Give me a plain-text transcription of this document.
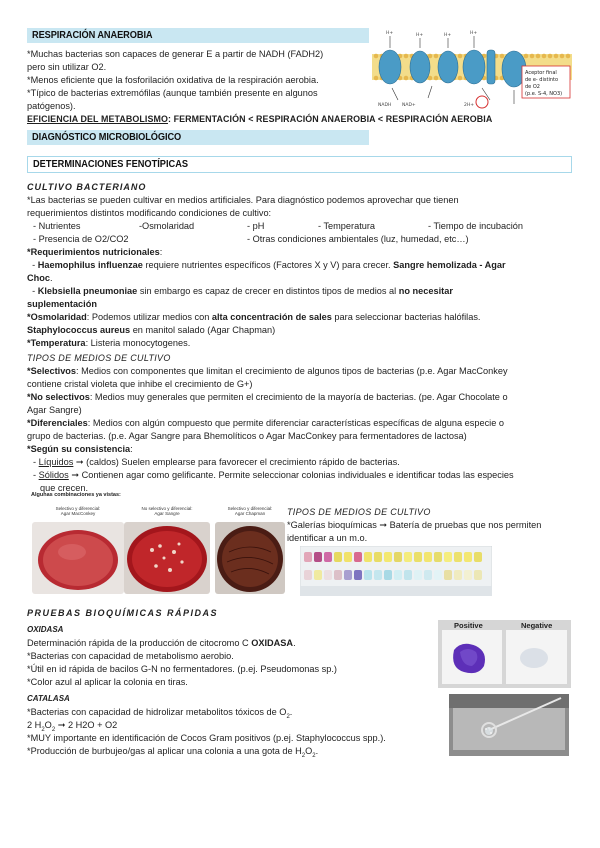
RESPIRACIÓN ANAEROBIA
*Muchas bacterias son capaces de generar E a partir de NADH (FADH2)
pero sin utilizar O2.
*Menos eficiente que la fosforilación oxidativa de la respiración aerobia.
*Típico de bacterias extremófilas (aunque también presente en algunos
patógenos).
EFICIENCIA DEL METABOLISMO: FERMENTACIÓN < RESPIRACIÓN ANAEROBIA < RESPIRACIÓN AEROBIA
H+	H+	H+	H+
NADH NAD+	2H+
Aceptor final
de e- distinto
de O2
(p.e. S-4, NO3)
DIAGNÓSTICO MICROBIOLÓGICO
DETERMINACIONES FENOTÍPICAS
CULTIVO BACTERIANO
*Las bacterias se pueden cultivar en medios artificiales. Para diagnóstico podemos aprovechar que tienen
requerimientos distintos modificando condiciones de cultivo:
- Nutrientes	-Osmolaridad	- pH	- Temperatura	- Tiempo de incubación
- Presencia de O2/CO2	- Otras condiciones ambientales (luz, humedad, etc…)
*Requerimientos nutricionales:
- Haemophilus influenzae requiere nutrientes específicos (Factores X y V) para crecer. Sangre hemolizada - Agar
Choc.
- Klebsiella pneumoniae sin embargo es capaz de crecer en distintos tipos de medios al no necesitar
suplementación
*Osmolaridad: Podemos utilizar medios con alta concentración de sales para seleccionar bacterias halófilas.
Staphylococcus aureus en manitol salado (Agar Chapman)
*Temperatura: Listeria monocytogenes.
TIPOS DE MEDIOS DE CULTIVO
*Selectivos: Medios con componentes que limitan el crecimiento de algunos tipos de bacterias (p.e. Agar MacConkey
contiene cristal violeta que inhibe el crecimiento de G+)
*No selectivos: Medios muy generales que permiten el crecimiento de la mayoría de bacterias. (pe. Agar Chocolate o
Agar Sangre)
*Diferenciales: Medios con algún compuesto que permite diferenciar características específicas de alguna especie o
grupo de bacterias. (p.e. Agar Sangre para Bhemolíticos o Agar MacConkey para fermentadores de lactosa)
*Según su consistencia:
- Líquidos ➞ (caldos) Suelen emplearse para favorecer el crecimiento rápido de bacterias.
- Sólidos ➞ Contienen agar como gelificante. Permite seleccionar colonias individuales e identificar todas las especies
que crecen.
Algunas combinaciones ya vistas:
Selectivo y diferencial:
Agar MacConkey
No selectivo y diferencial:
Agar Sangre
Selectivo y diferencial:
Agar Chapman	TIPOS DE MEDIOS DE CULTIVO
*Galerías bioquímicas ➞ Batería de pruebas que nos permiten
identificar a un m.o.
PRUEBAS BIOQUÍMICAS RÁPIDAS
OXIDASA
Determinación rápida de la producción de citocromo C OXIDASA.
*Bacterias con capacidad de metabolismo aerobio.
*Útil en id rápida de bacilos G-N no fermentadores. (p.ej. Pseudomonas sp.)
*Color azul al aplicar la colonia en tiras.
Positive	Negative
CATALASA
*Bacterias con capacidad de hidrolizar metabolitos tóxicos de $O_2$.
2 $H_2O_2$ ➞ 2 H2O + O2
*MUY importante en identificación de Cocos Gram positivos (p.ej. Staphylococcus spp.).
*Producción de burbujeo/gas al aplicar una colonia a una gota de $H_2O_2$.
